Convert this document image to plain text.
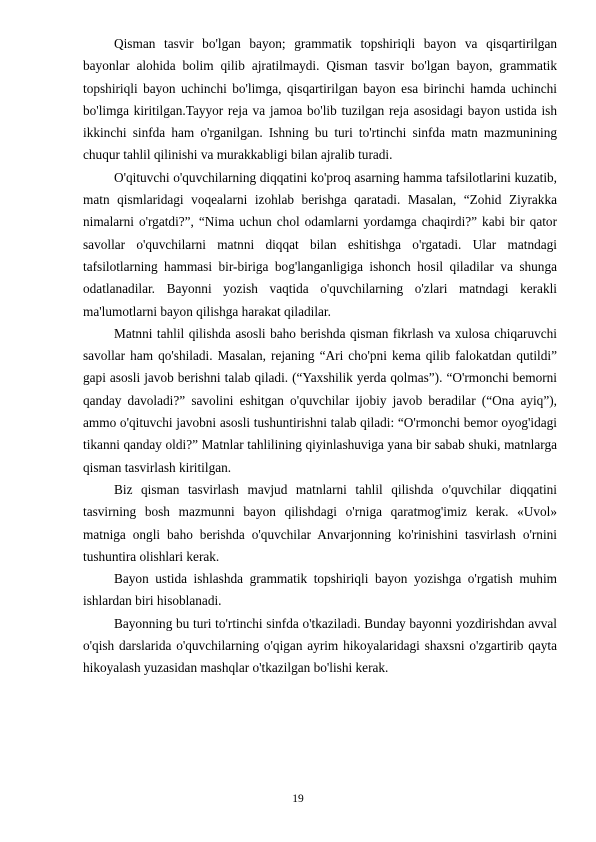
Qisman tasvir bo'lgan bayon; grammatik topshiriqli bayon va qisqartirilgan bayonlar alohida bolim qilib ajratilmaydi. Qisman tasvir bo'lgan bayon, grammatik topshiriqli bayon uchinchi bo'limga, qisqartirilgan bayon esa birinchi hamda uchinchi bo'limga kiritilgan.Tayyor reja va jamoa bo'lib tuzilgan reja asosidagi bayon ustida ish ikkinchi sinfda ham o'rganilgan. Ishning bu turi to'rtinchi sinfda matn mazmunining chuqur tahlil qilinishi va murakkabligi bilan ajralib turadi.

O'qituvchi o'quvchilarning diqqatini ko'proq asarning hamma tafsilotlarini kuzatib, matn qismlaridagi voqealarni izohlab berishga qaratadi. Masalan, “Zohid Ziyrakka nimalarni o'rgatdi?”, “Nima uchun chol odamlarni yordamga chaqirdi?” kabi bir qator savollar o'quvchilarni matnni diqqat bilan eshitishga o'rgatadi. Ular matndagi tafsilotlarning hammasi bir-biriga bog'langanligiga ishonch hosil qiladilar va shunga odatlanadilar. Bayonni yozish vaqtida o'quvchilarning o'zlari matndagi kerakli ma'lumotlarni bayon qilishga harakat qiladilar.

Matnni tahlil qilishda asosli baho berishda qisman fikrlash va xulosa chiqaruvchi savollar ham qo'shiladi. Masalan, rejaning “Ari cho'pni kema qilib falokatdan qutildi” gapi asosli javob berishni talab qiladi. (“Yaxshilik yerda qolmas”). “O'rmonchi bemorni qanday davoladi?” savolini eshitgan o'quvchilar ijobiy javob beradilar (“Ona ayiq”), ammo o'qituvchi javobni asosli tushuntirishni talab qiladi: “O'rmonchi bemor oyog'idagi tikanni qanday oldi?” Matnlar tahlilining qiyinlashuviga yana bir sabab shuki, matnlarga qisman tasvirlash kiritilgan.

Biz qisman tasvirlash mavjud matnlarni tahlil qilishda o'quvchilar diqqatini tasvirning bosh mazmunni bayon qilishdagi o'rniga qaratmog'imiz kerak. «Uvol» matniga ongli baho berishda o'quvchilar Anvarjonning ko'rinishini tasvirlash o'rnini tushuntira olishlari kerak.

Bayon ustida ishlashda grammatik topshiriqli bayon yozishga o'rgatish muhim ishlardan biri hisoblanadi.

Bayonning bu turi to'rtinchi sinfda o'tkaziladi. Bunday bayonni yozdirishdan avval o'qish darslarida o'quvchilarning o'qigan ayrim hikoyalaridagi shaxsni o'zgartirib qayta hikoyalash yuzasidan mashqlar o'tkazilgan bo'lishi kerak.

19
